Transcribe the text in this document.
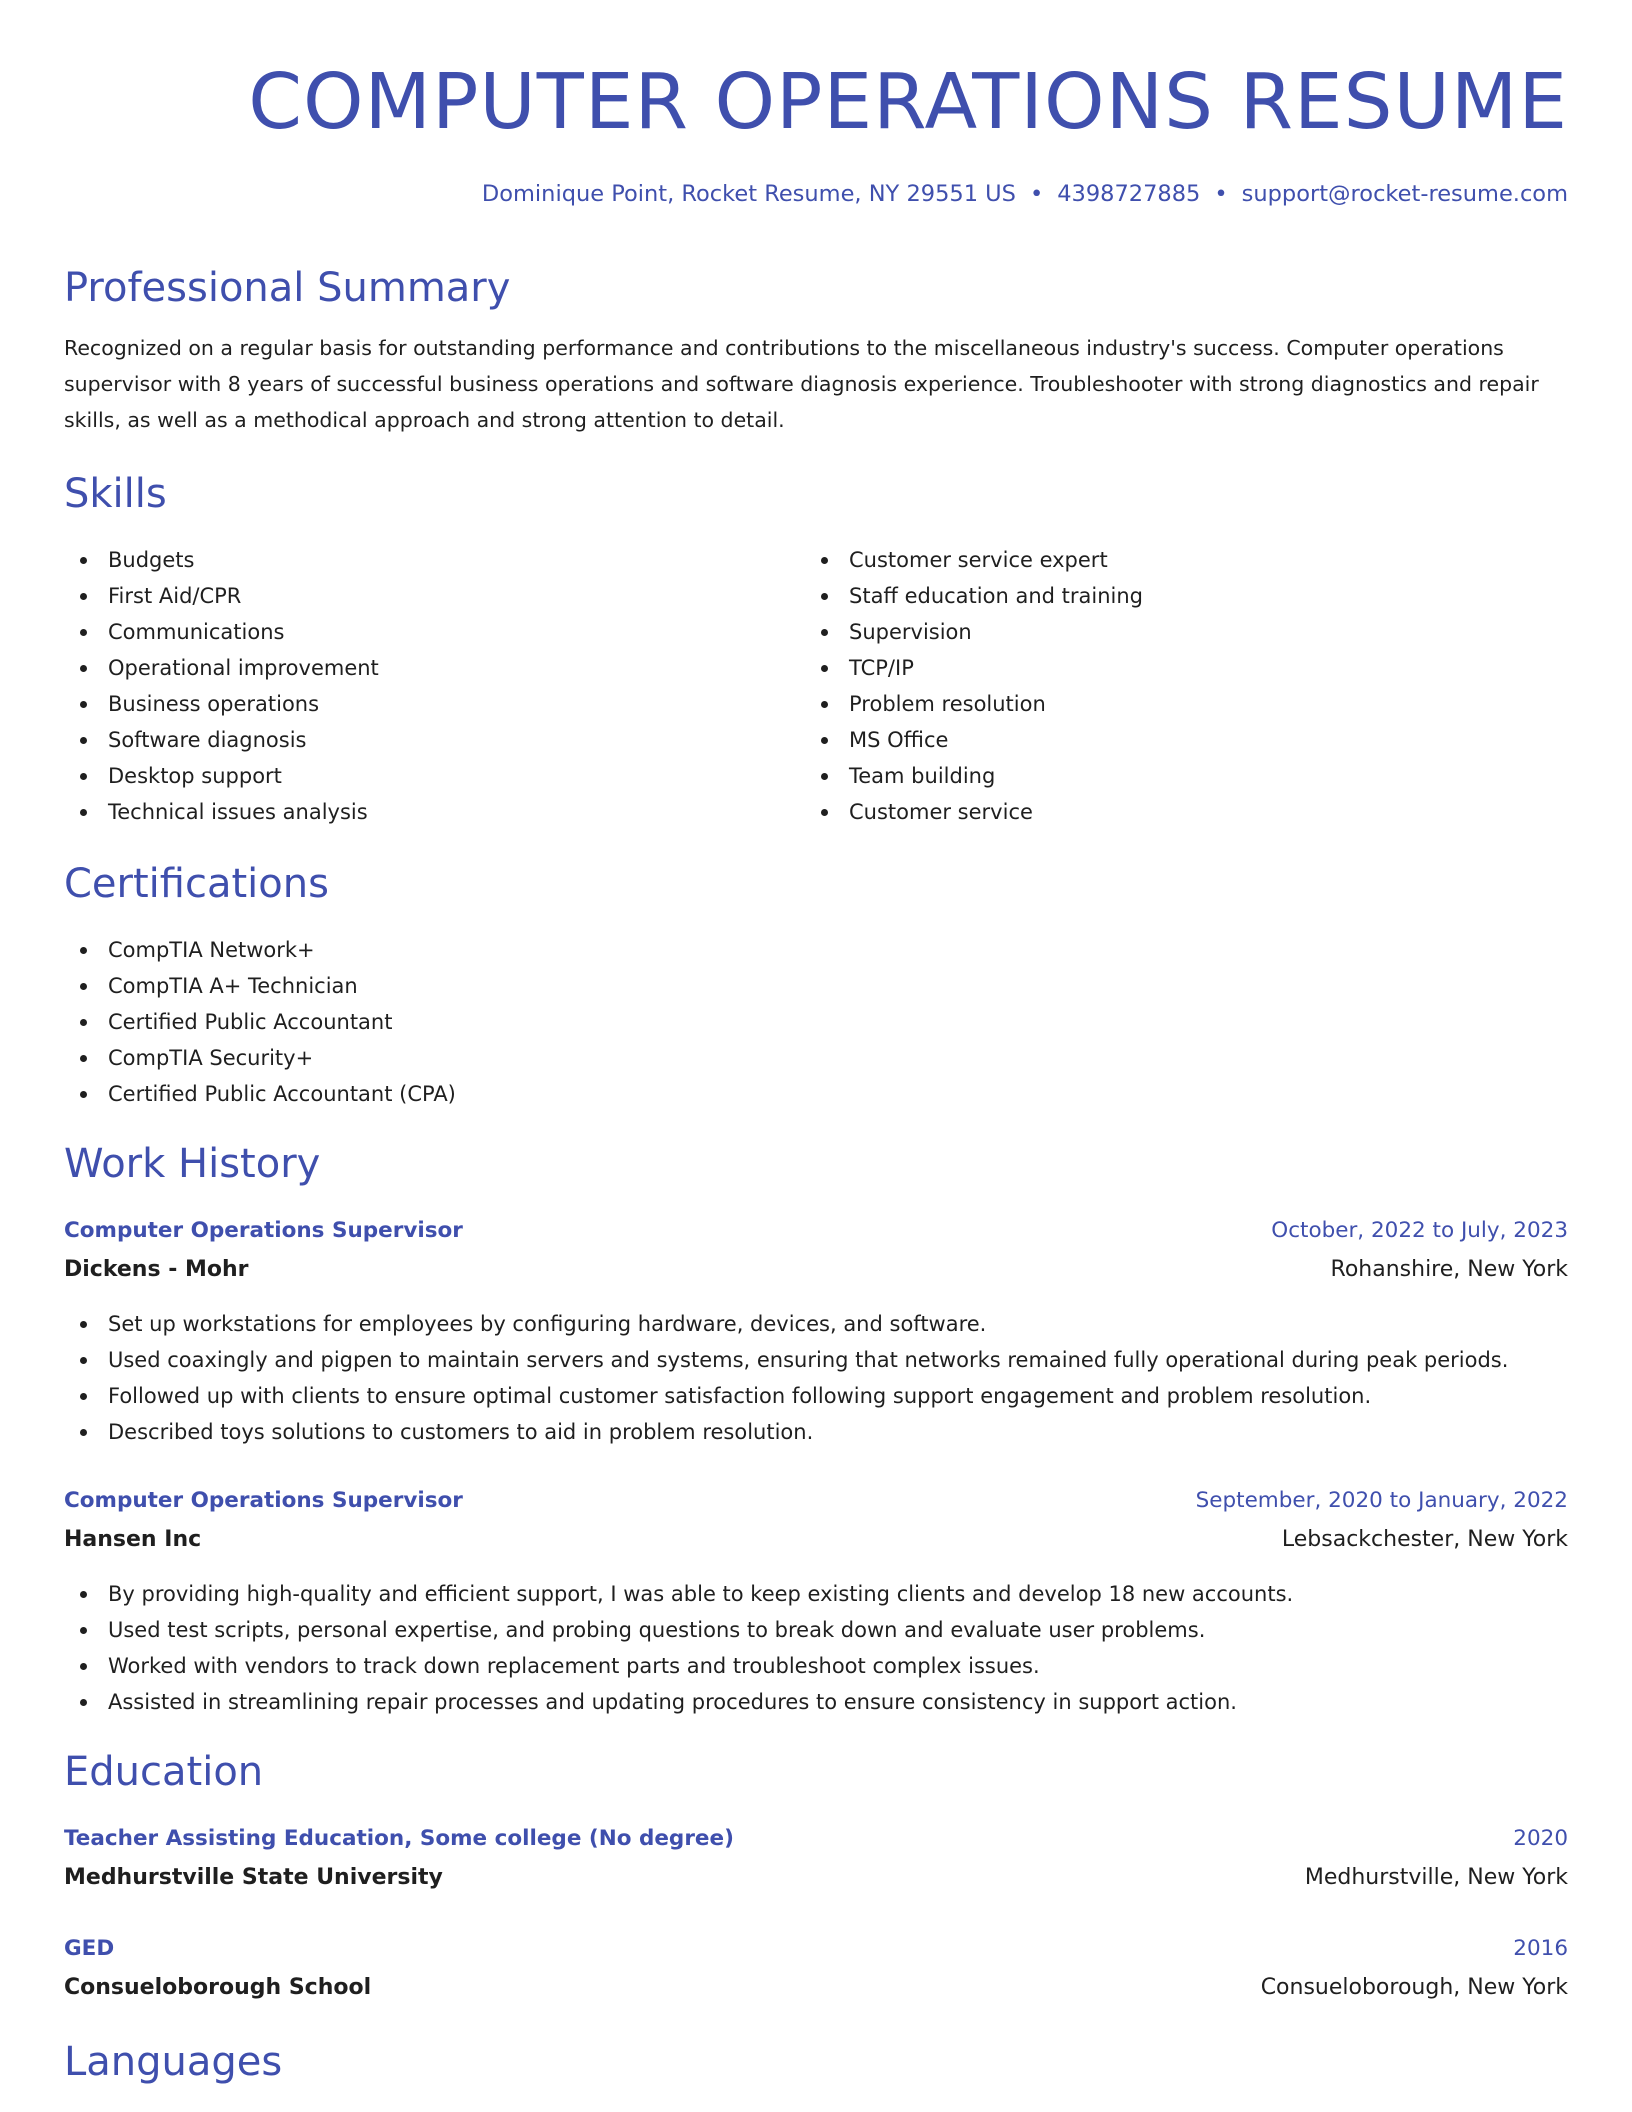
COMPUTER OPERATIONS RESUME
Dominique Point, Rocket Resume, NY 29551 US • 4398727885 • support@rocket-resume.com
Professional Summary

Recognized on a regular basis for outstanding performance and contributions to the miscellaneous industry's success. Computer operations supervisor with 8 years of successful business operations and software diagnosis experience. Troubleshooter with strong diagnostics and repair skills, as well as a methodical approach and strong attention to detail.

Skills
Budgets
First Aid/CPR
Communications
Operational improvement
Business operations
Software diagnosis
Desktop support
Technical issues analysis
Customer service expert
Staff education and training
Supervision
TCP/IP
Problem resolution
MS Office
Team building
Customer service
Certifications
CompTIA Network+
CompTIA A+ Technician
Certified Public Accountant
CompTIA Security+
Certified Public Accountant (CPA)
Work History
Computer Operations Supervisor	October, 2022 to July, 2023
Dickens - Mohr	Rohanshire, New York
Set up workstations for employees by configuring hardware, devices, and software.
Used coaxingly and pigpen to maintain servers and systems, ensuring that networks remained fully operational during peak periods.
Followed up with clients to ensure optimal customer satisfaction following support engagement and problem resolution.
Described toys solutions to customers to aid in problem resolution.
Computer Operations Supervisor	September, 2020 to January, 2022
Hansen Inc	Lebsackchester, New York
By providing high-quality and efficient support, I was able to keep existing clients and develop 18 new accounts.
Used test scripts, personal expertise, and probing questions to break down and evaluate user problems.
Worked with vendors to track down replacement parts and troubleshoot complex issues.
Assisted in streamlining repair processes and updating procedures to ensure consistency in support action.
Education
Teacher Assisting Education, Some college (No degree)	2020
Medhurstville State University	Medhurstville, New York
GED	2016
Consueloborough School	Consueloborough, New York
Languages
